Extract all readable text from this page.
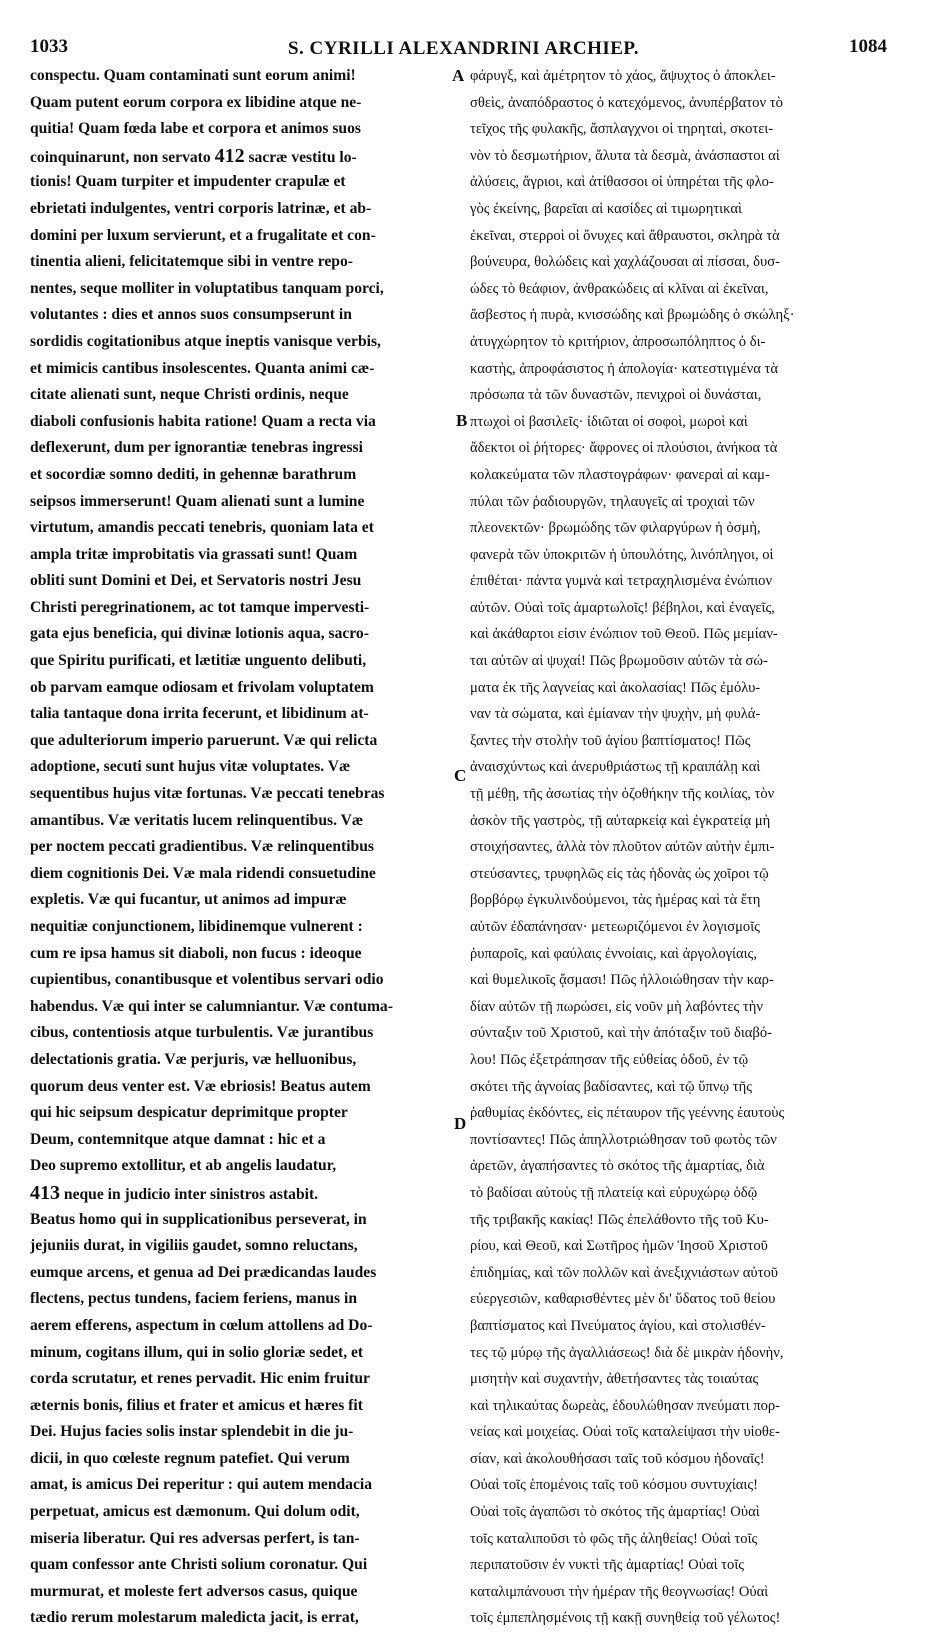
1033	S. CYRILLI ALEXANDRINI ARCHIEP.	1084
conspectu. Quam contaminati sunt eorum animi!
Quam putent eorum corpora ex libidine atque ne-
quitia! Quam fœda labe et corpora et animos suos
coinquinarunt, non servato 412 sacræ vestitu lo-
tionis! Quam turpiter et impudenter crapulæ et
ebrietati indulgentes, ventri corporis latrinæ, et ab-
domini per luxum servierunt, et a frugalitate et con-
tinentia alieni, felicitatemque sibi in ventre repo-
nentes, seque molliter in voluptatibus tanquam porci,
volutantes : dies et annos suos consumpserunt in
sordidis cogitationibus atque ineptis vanisque verbis,
et mimicis cantibus insolescentes. Quanta animi cæ-
citate alienati sunt, neque Christi ordinis, neque
diaboli confusionis habita ratione! Quam a recta via
deflexerunt, dum per ignorantiæ tenebras ingressi
et socordiæ somno dediti, in gehennæ barathrum
seipsos immerserunt! Quam alienati sunt a lumine
virtutum, amandis peccati tenebris, quoniam lata et
ampla tritæ improbitatis via grassati sunt! Quam
obliti sunt Domini et Dei, et Servatoris nostri Jesu
Christi peregrinationem, ac tot tamque impervesti-
gata ejus beneficia, qui divinæ lotionis aqua, sacro-
que Spiritu purificati, et lætitiæ unguento delibuti,
ob parvam eamque odiosam et frivolam voluptatem
talia tantaque dona irrita fecerunt, et libidinum at-
que adulteriorum imperio paruerunt. Væ qui relicta
adoptione, secuti sunt hujus vitæ voluptates. Væ
sequentibus hujus vitæ fortunas. Væ peccati tenebras
amantibus. Væ veritatis lucem relinquentibus. Væ
per noctem peccati gradientibus. Væ relinquentibus
diem cognitionis Dei. Væ mala ridendi consuetudine
expletis. Væ qui fucantur, ut animos ad impuræ
nequitiæ conjunctionem, libidinemque vulnerent :
cum re ipsa hamus sit diaboli, non fucus : ideoque
cupientibus, conantibusque et volentibus servari odio
habendus. Væ qui inter se calumniantur. Væ contuma-
cibus, contentiosis atque turbulentis. Væ jurantibus
delectationis gratia. Væ perjuris, væ helluonibus,
quorum deus venter est. Væ ebriosis! Beatus autem
qui hic seipsum despicatur deprimitque propter
Deum, contemnitque atque damnat : hic et a
Deo supremo extollitur, et ab angelis laudatur,
413 neque in judicio inter sinistros astabit.
Beatus homo qui in supplicationibus perseverat, in
jejuniis durat, in vigiliis gaudet, somno reluctans,
eumque arcens, et genua ad Dei prædicandas laudes
flectens, pectus tundens, faciem feriens, manus in
aerem efferens, aspectum in cœlum attollens ad Do-
minum, cogitans illum, qui in solio gloriæ sedet, et
corda scrutatur, et renes pervadit. Hic enim fruitur
æternis bonis, filius et frater et amicus et hæres fit
Dei. Hujus facies solis instar splendebit in die ju-
dicii, in quo cœleste regnum patefiet. Qui verum
amat, is amicus Dei reperitur : qui autem mendacia
perpetuat, amicus est dæmonum. Qui dolum odit,
miseria liberatur. Qui res adversas perfert, is tan-
quam confessor ante Christi solium coronatur. Qui
murmurat, et moleste fert adversos casus, quique
tædio rerum molestarum maledicta jacit, is errat,
φάρυγξ, καὶ ἀμέτρητον τὸ χάος, ἄψυχτος ὁ ἀποκλει-
σθεὶς, ἀναπόδραστος ὁ κατεχόμενος, ἀνυπέρβατον τὸ
τεῖχος τῆς φυλακῆς, ἄσπλαγχνοι οἱ τηρηταὶ, σκοτει-
νὸν τὸ δεσμωτήριον, ἄλυτα τὰ δεσμὰ, ἀνάσπαστοι αἱ
ἀλύσεις, ἄγριοι, καὶ ἀτίθασσοι οἱ ὑπηρέται τῆς φλο-
γὸς ἐκείνης, βαρεῖαι αἱ κασίδες αἱ τιμωρητικαὶ
ἐκεῖναι, στερροὶ οἱ ὄνυχες καὶ ἄθραυστοι, σκληρὰ τὰ
βούνευρα, θολώδεις καὶ χαχλάζουσαι αἱ πίσσαι, δυσ-
ώδες τὸ θεάφιον, ἀνθρακώδεις αἱ κλῖναι αἱ ἐκεῖναι,
ἄσβεστος ἡ πυρὰ, κνισσώδης καὶ βρωμώδης ὁ σκώληξ·
ἀτυγχώρητον τὸ κριτήριον, ἀπροσωπόληπτος ὁ δι-
καστὴς, ἀπροφάσιστος ἡ ἀπολογία· κατεστιγμένα τὰ
πρόσωπα τὰ τῶν δυναστῶν, πενιχροὶ οἱ δυνάσται,
πτωχοὶ οἱ βασιλεῖς· ἰδιῶται οἱ σοφοὶ, μωροὶ καὶ
ἄδεκτοι οἱ ῥήτορες· ἄφρονες οἱ πλούσιοι, ἀνήκοα τὰ
κολακεύματα τῶν πλαστογράφων· φανεραὶ αἱ καμ-
πύλαι τῶν ῥαδιουργῶν, τηλαυγεῖς αἱ τροχιαὶ τῶν
πλεονεκτῶν· βρωμώδης τῶν φιλαργύρων ἡ ὀσμὴ,
φανερὰ τῶν ὑποκριτῶν ἡ ὑπουλότης, λινόπληγοι, οἱ
ἐπιθέται· πάντα γυμνὰ καὶ τετραχηλισμένα ἐνώπιον
αὐτῶν. Οὐαὶ τοῖς ἁμαρτωλοῖς! βέβηλοι, καὶ ἐναγεῖς,
καὶ ἀκάθαρτοι εἰσιν ἐνώπιον τοῦ Θεοῦ. Πῶς μεμίαν-
ται αὐτῶν αἱ ψυχαί! Πῶς βρωμοῦσιν αὐτῶν τὰ σώ-
ματα ἐκ τῆς λαγνείας καὶ ἀκολασίας! Πῶς ἐμόλυ-
ναν τὰ σώματα, καὶ ἐμίαναν τὴν ψυχὴν, μὴ φυλά-
ξαντες τὴν στολὴν τοῦ ἁγίου βαπτίσματος! Πῶς
ἀναισχύντως καὶ ἀνερυθριάστως τῇ κραιπάλῃ καὶ
τῇ μέθῃ, τῆς ἀσωτίας τὴν ὀζοθήκην τῆς κοιλίας, τὸν
ἀσκὸν τῆς γαστρὸς, τῇ αὐταρκείᾳ καὶ ἐγκρατείᾳ μὴ
στοιχήσαντες, ἀλλὰ τὸν πλοῦτον αὐτῶν αὐτὴν ἐμπι-
στεύσαντες, τρυφηλῶς εἰς τὰς ἡδονὰς ὡς χοῖροι τῷ
βορβόρῳ ἐγκυλινδούμενοι, τὰς ἡμέρας καὶ τὰ ἔτη
αὐτῶν ἐδαπάνησαν· μετεωριζόμενοι ἐν λογισμοῖς
ῥυπαροῖς, καὶ φαύλαις ἐννοίαις, καὶ ἀργολογίαις,
καὶ θυμελικοῖς ᾄσμασι! Πῶς ἠλλοιώθησαν τὴν καρ-
δίαν αὐτῶν τῇ πωρώσει, εἰς νοῦν μὴ λαβόντες τὴν
σύνταξιν τοῦ Χριστοῦ, καὶ τὴν ἀπόταξιν τοῦ διαβό-
λου! Πῶς ἐξετράπησαν τῆς εὐθείας ὁδοῦ, ἐν τῷ
σκότει τῆς ἀγνοίας βαδίσαντες, καὶ τῷ ὕπνῳ τῆς
ῥαθυμίας ἐκδόντες, εἰς πέταυρον τῆς γεέννης ἑαυτοὺς
ποντίσαντες! Πῶς ἀπηλλοτριώθησαν τοῦ φωτὸς τῶν
ἀρετῶν, ἀγαπήσαντες τὸ σκότος τῆς ἁμαρτίας, διὰ
τὸ βαδίσαι αὐτοὺς τῇ πλατείᾳ καὶ εὐρυχώρῳ ὁδῷ
τῆς τριβακῆς κακίας! Πῶς ἐπελάθοντο τῆς τοῦ Κυ-
ρίου, καὶ Θεοῦ, καὶ Σωτῆρος ἡμῶν Ἰησοῦ Χριστοῦ
ἐπιδημίας, καὶ τῶν πολλῶν καὶ ἀνεξιχνιάστων αὐτοῦ
εὐεργεσιῶν, καθαρισθέντες μὲν δι' ὕδατος τοῦ θείου
βαπτίσματος καὶ Πνεύματος ἁγίου, καὶ στολισθέν-
τες τῷ μύρῳ τῆς ἀγαλλιάσεως! διὰ δὲ μικρὰν ἡδονὴν,
μισητὴν καὶ συχαντὴν, ἀθετήσαντες τὰς τοιαύτας
καὶ τηλικαύτας δωρεὰς, ἐδουλώθησαν πνεύματι πορ-
νείας καὶ μοιχείας. Οὐαὶ τοῖς καταλείψασι τὴν υἱοθε-
σίαν, καὶ ἀκολουθήσασι ταῖς τοῦ κόσμου ἡδοναῖς!
Οὐαὶ τοῖς ἑπομένοις ταῖς τοῦ κόσμου συντυχίαις!
Οὐαὶ τοῖς ἀγαπῶσι τὸ σκότος τῆς ἁμαρτίας! Οὐαὶ
τοῖς καταλιποῦσι τὸ φῶς τῆς ἀληθείας! Οὐαὶ τοῖς
περιπατοῦσιν ἐν νυκτὶ τῆς ἁμαρτίας! Οὐαὶ τοῖς
καταλιμπάνουσι τὴν ἡμέραν τῆς θεογνωσίας! Οὐαὶ
τοῖς ἐμπεπλησμένοις τῇ κακῇ συνηθείᾳ τοῦ γέλωτος!
A
B
C
D
